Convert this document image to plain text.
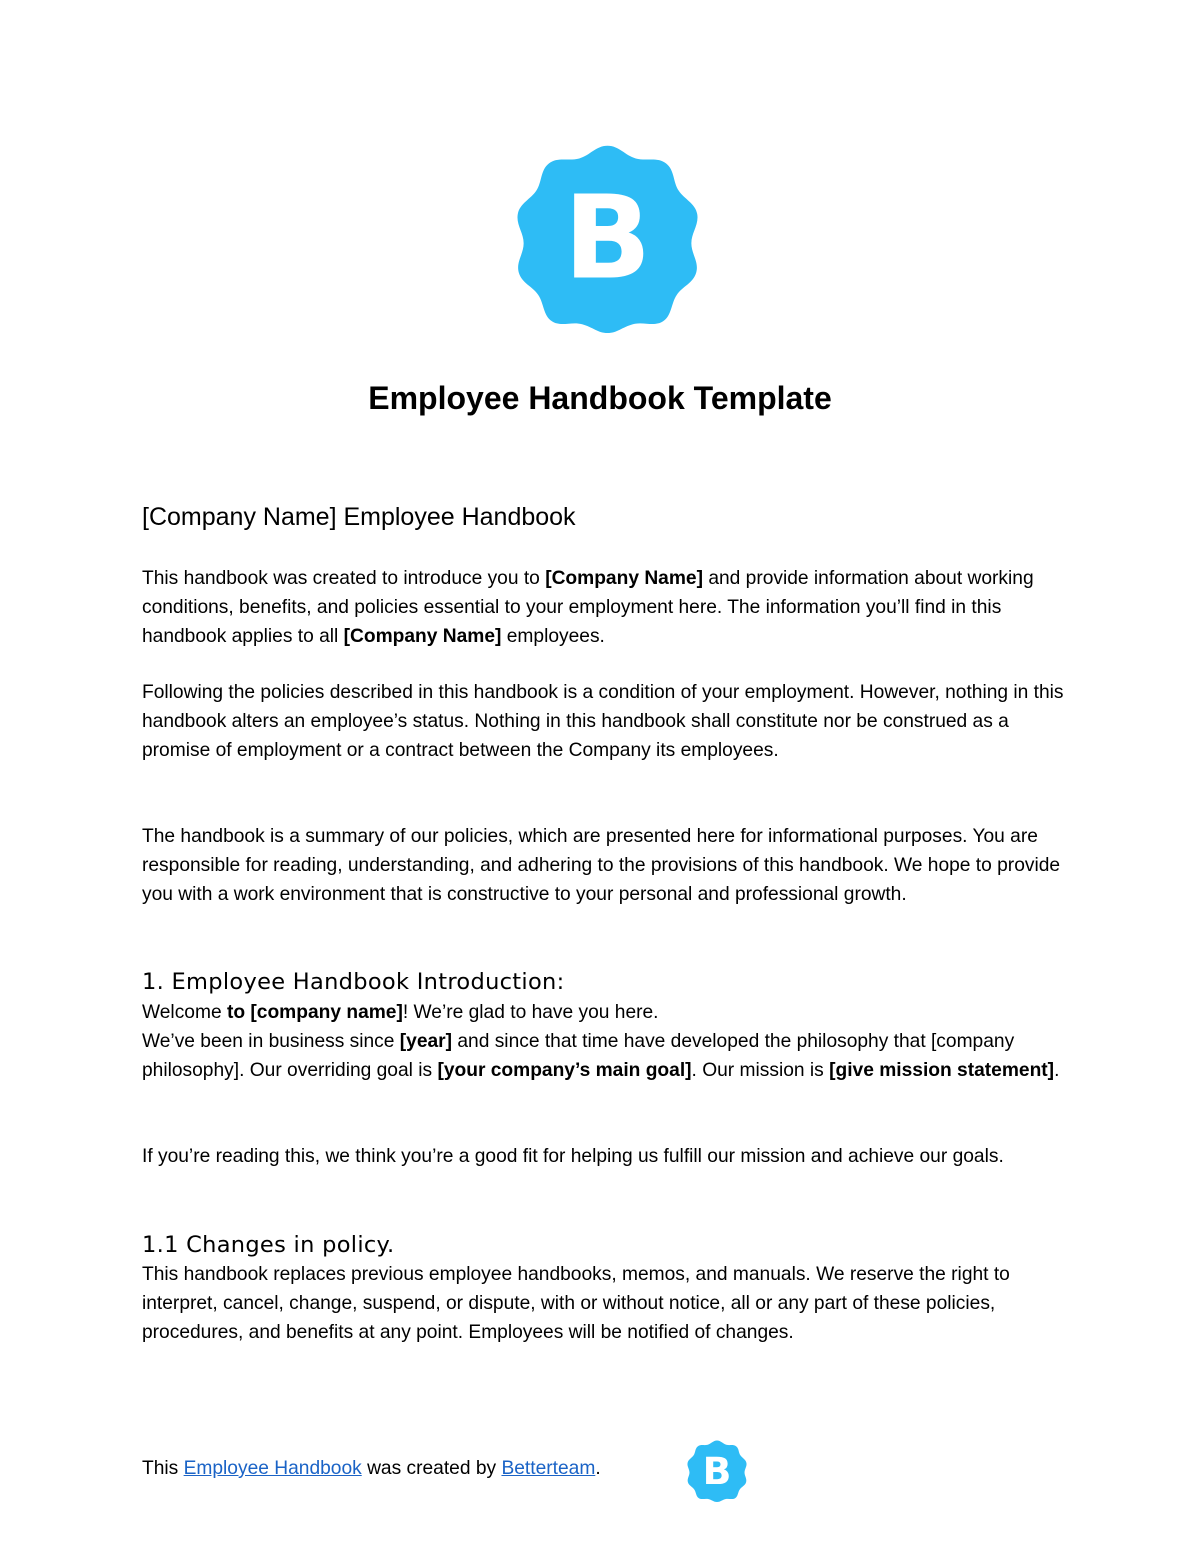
B
Employee Handbook Template
[Company Name] Employee Handbook

This handbook was created to introduce you to [Company Name] and provide information about working conditions, benefits, and policies essential to your employment here. The information you’ll find in this handbook applies to all [Company Name] employees.

Following the policies described in this handbook is a condition of your employment. However, nothing in this handbook alters an employee’s status. Nothing in this handbook shall constitute nor be construed as a promise of employment or a contract between the Company its employees.

The handbook is a summary of our policies, which are presented here for informational purposes. You are responsible for reading, understanding, and adhering to the provisions of this handbook. We hope to provide you with a work environment that is constructive to your personal and professional growth.

1. Employee Handbook Introduction:

Welcome to [company name]! We’re glad to have you here.
We’ve been in business since [year] and since that time have developed the philosophy that [company philosophy]. Our overriding goal is [your company’s main goal]. Our mission is [give mission statement].

If you’re reading this, we think you’re a good fit for helping us fulfill our mission and achieve our goals.

1.1 Changes in policy.

This handbook replaces previous employee handbooks, memos, and manuals. We reserve the right to interpret, cancel, change, suspend, or dispute, with or without notice, all or any part of these policies, procedures, and benefits at any point. Employees will be notified of changes.

This Employee Handbook was created by Betterteam. B
